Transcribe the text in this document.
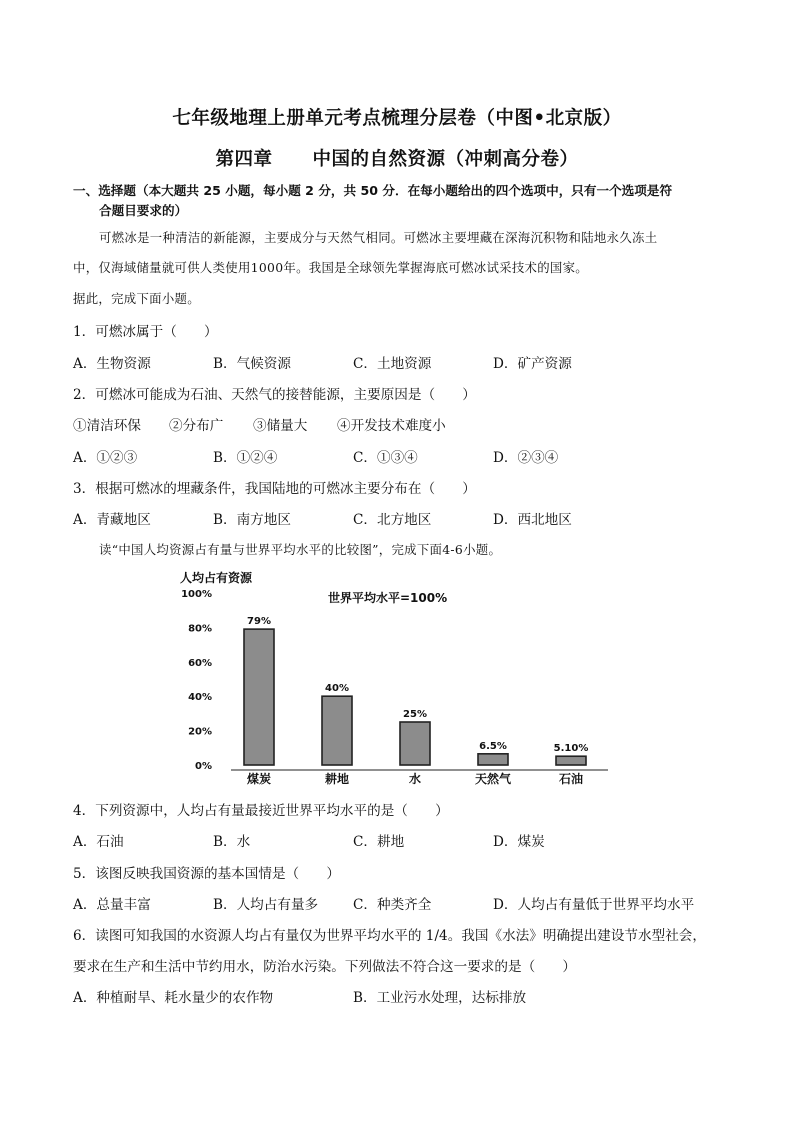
七年级地理上册单元考点梳理分层卷（中图•北京版）
第四章 中国的自然资源（冲刺高分卷）
一、选择题（本大题共 25 小题，每小题 2 分，共 50 分．在每小题给出的四个选项中，只有一个选项是符
合题目要求的）
可燃冰是一种清洁的新能源，主要成分与天然气相同。可燃冰主要埋藏在深海沉积物和陆地永久冻土
中，仅海域储量就可供人类使用1000年。我国是全球领先掌握海底可燃冰试采技术的国家。
据此，完成下面小题。
1．可燃冰属于（　　）
A．生物资源	B．气候资源	C．土地资源	D．矿产资源
2．可燃冰可能成为石油、天然气的接替能源，主要原因是（　　）
①清洁环保 ②分布广 ③储量大 ④开发技术难度小
A．①②③	B．①②④	C．①③④	D．②③④
3．根据可燃冰的埋藏条件，我国陆地的可燃冰主要分布在（　　）
A．青藏地区	B．南方地区	C．北方地区	D．西北地区
读“中国人均资源占有量与世界平均水平的比较图”，完成下面4-6小题。
人均占有资源
世界平均水平=100%
0%
20%
40%
60%
80%
100%
79%
煤炭
40%
耕地
25%
水
6.5%
天然气
5.10%
石油
4．下列资源中，人均占有量最接近世界平均水平的是（　　）
A．石油	B．水	C．耕地	D．煤炭
5．该图反映我国资源的基本国情是（　　）
A．总量丰富	B．人均占有量多	C．种类齐全	D．人均占有量低于世界平均水平
6．读图可知我国的水资源人均占有量仅为世界平均水平的 1/4。我国《水法》明确提出建设节水型社会，
要求在生产和生活中节约用水，防治水污染。下列做法不符合这一要求的是（　　）
A．种植耐旱、耗水量少的农作物	B．工业污水处理，达标排放
